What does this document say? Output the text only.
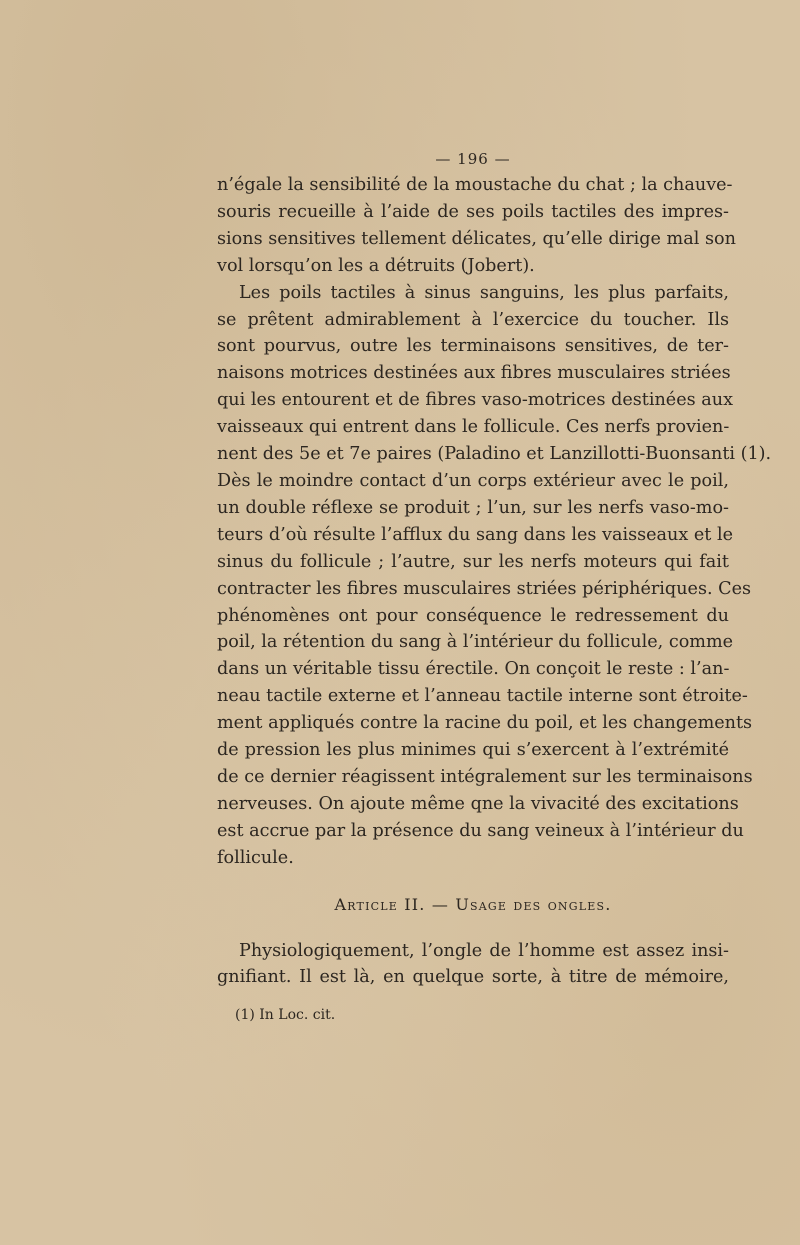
— 196 —
n’égale la sensibilité de la moustache du chat ; la chauve-
souris recueille à l’aide de ses poils tactiles des impres-
sions sensitives tellement délicates, qu’elle dirige mal son
vol lorsqu’on les a détruits (Jobert).
Les poils tactiles à sinus sanguins, les plus parfaits,
se prêtent admirablement à l’exercice du toucher. Ils
sont pourvus, outre les terminaisons sensitives, de ter-
naisons motrices destinées aux fibres musculaires striées
qui les entourent et de fibres vaso-motrices destinées aux
vaisseaux qui entrent dans le follicule. Ces nerfs provien-
nent des 5e et 7e paires (Paladino et Lanzillotti-Buonsanti (1).
Dès le moindre contact d’un corps extérieur avec le poil,
un double réflexe se produit ; l’un, sur les nerfs vaso-mo-
teurs d’où résulte l’afflux du sang dans les vaisseaux et le
sinus du follicule ; l’autre, sur les nerfs moteurs qui fait
contracter les fibres musculaires striées périphériques. Ces
phénomènes ont pour conséquence le redressement du
poil, la rétention du sang à l’intérieur du follicule, comme
dans un véritable tissu érectile. On conçoit le reste : l’an-
neau tactile externe et l’anneau tactile interne sont étroite-
ment appliqués contre la racine du poil, et les changements
de pression les plus minimes qui s’exercent à l’extrémité
de ce dernier réagissent intégralement sur les terminaisons
nerveuses. On ajoute même qne la vivacité des excitations
est accrue par la présence du sang veineux à l’intérieur du
follicule.
Article II. — Usage des ongles.
Physiologiquement, l’ongle de l’homme est assez insi-
gnifiant. Il est là, en quelque sorte, à titre de mémoire,
(1) In Loc. cit.
